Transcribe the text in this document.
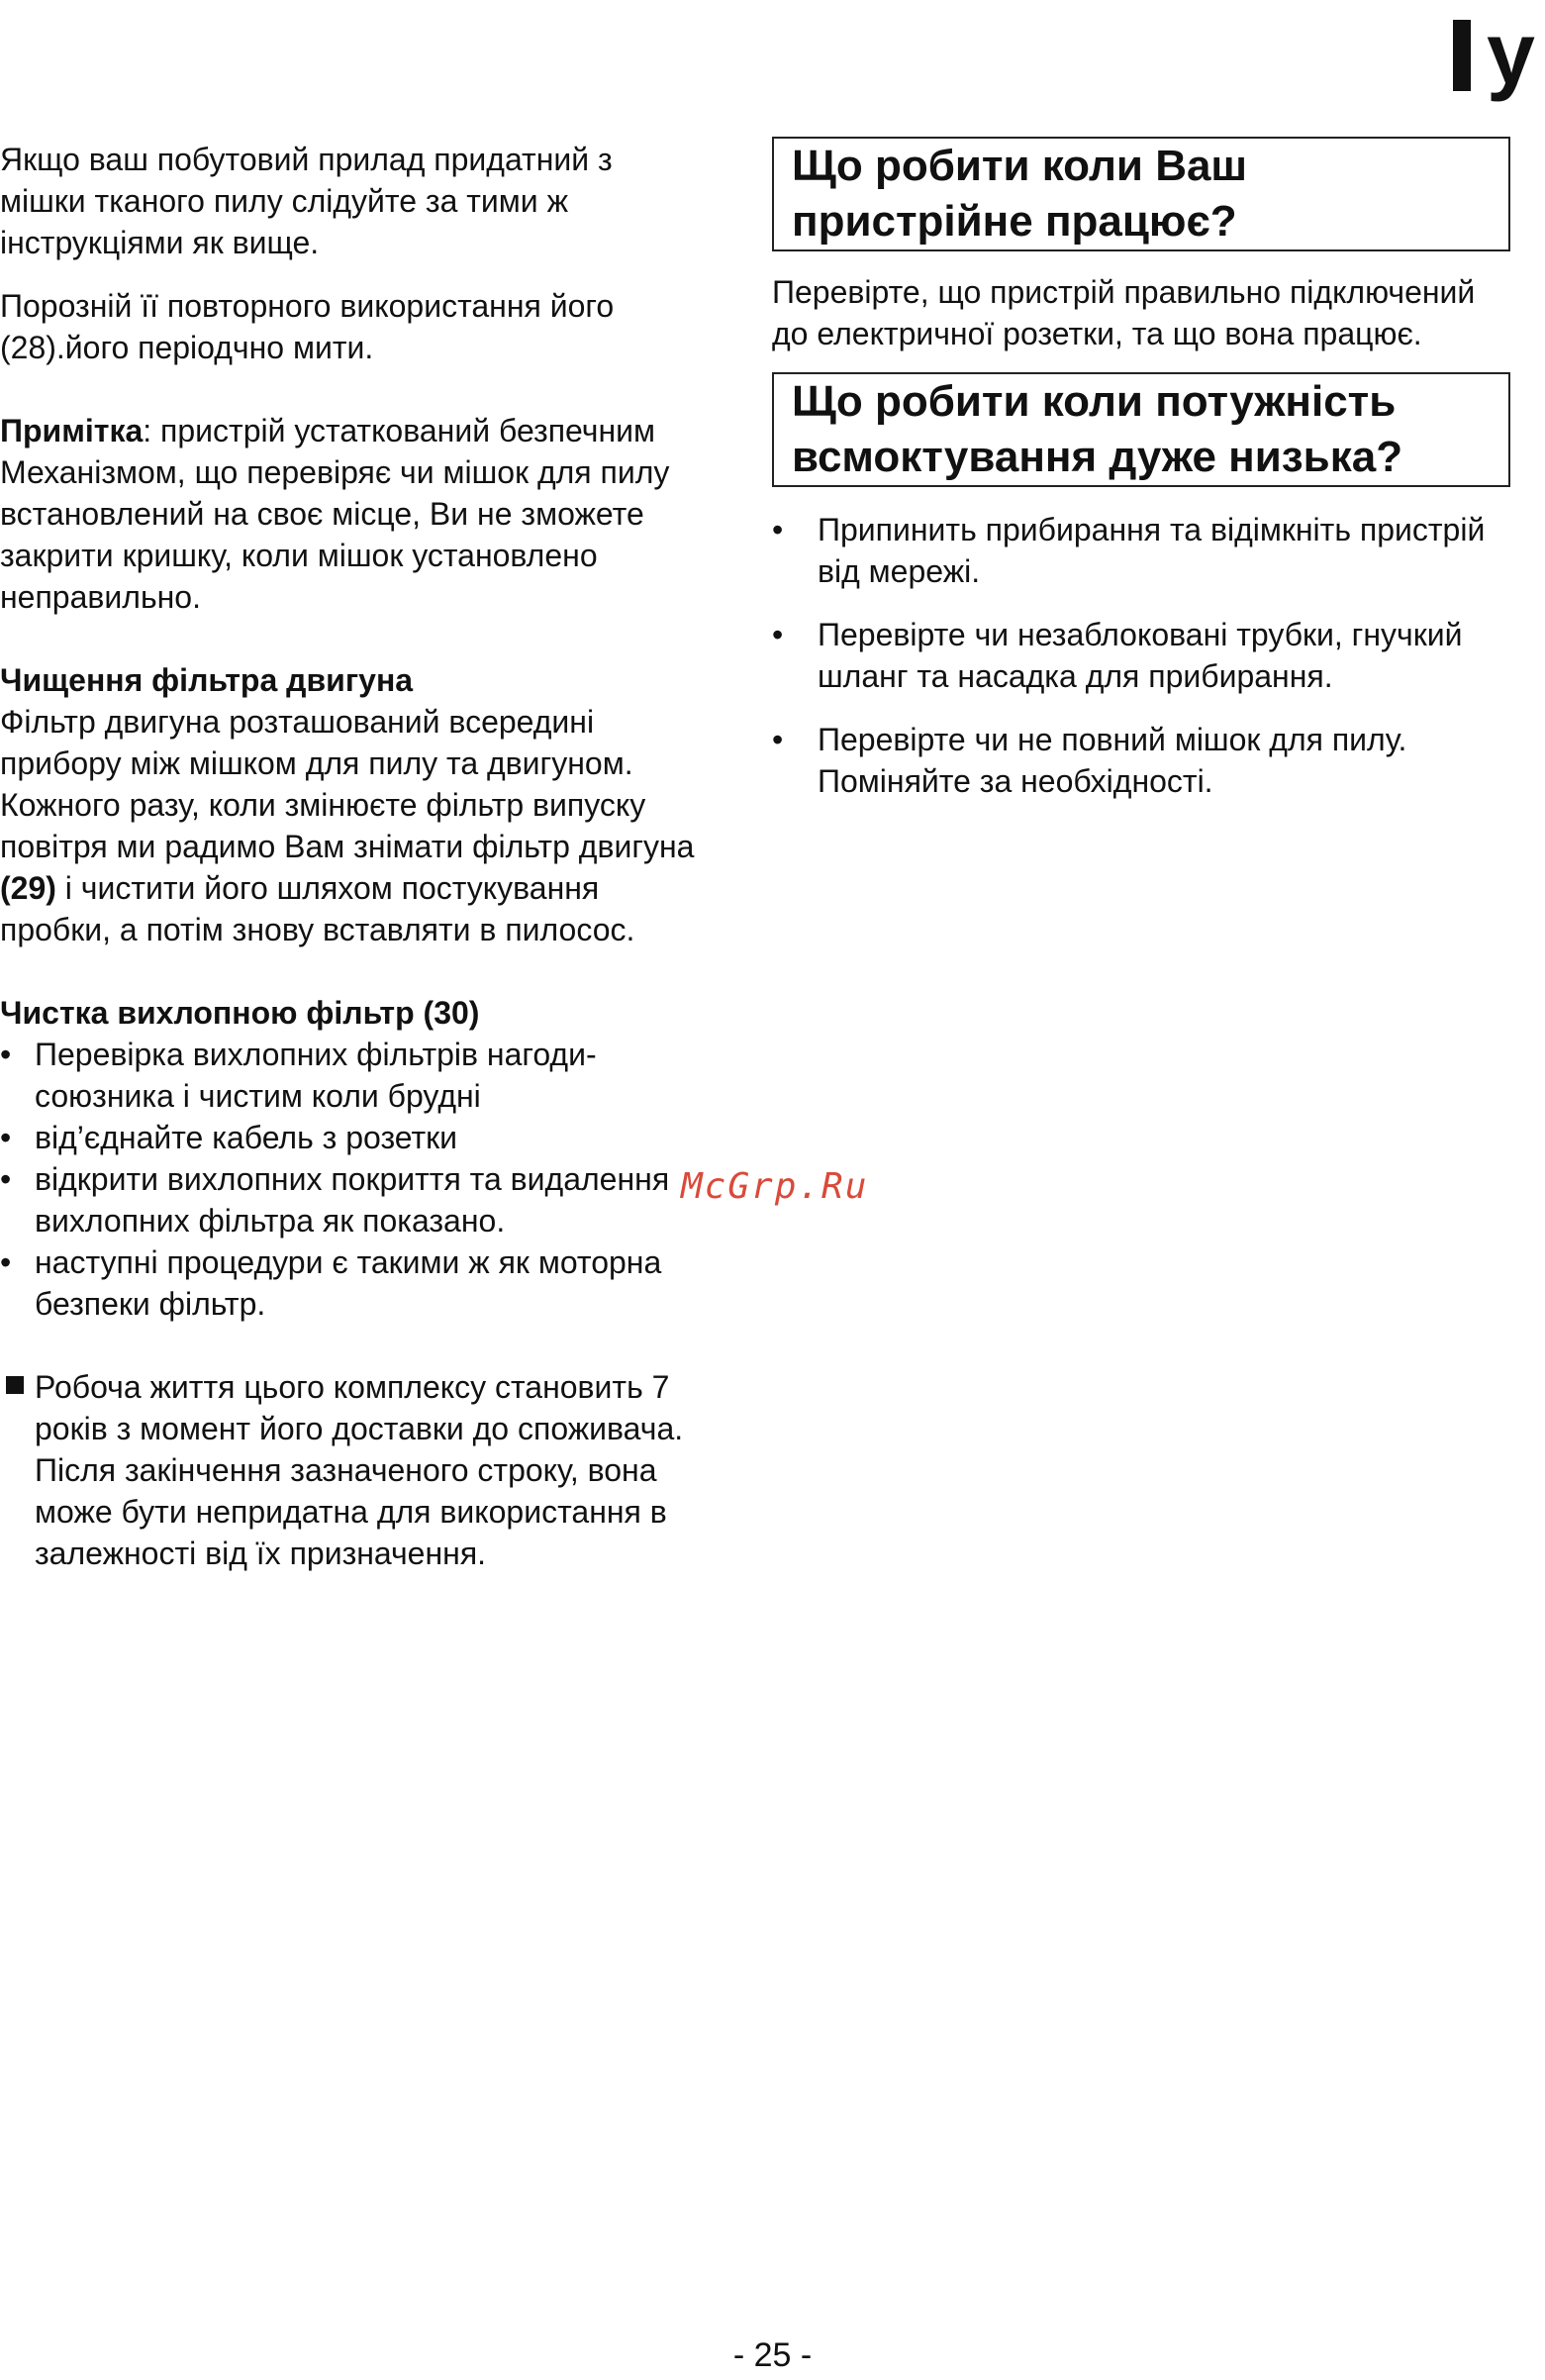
y

Якщо ваш побутовий прилад придатний з мішки тканого пилу слідуйте за тими ж інструкціями як вище.

Порозній її повторного використання його (28).його періодчно мити.

Примітка: пристрій устаткований безпечним Механізмом, що перевіряє чи мішок для пилу встановлений на своє місце, Ви не зможете закрити кришку, коли мішок установлено неправильно.

Чищення фільтра двигуна

Фільтр двигуна розташований всередині прибору між мішком для пилу та двигуном. Кожного разу, коли змінюєте фільтр випуску повітря ми радимо Вам знімати фільтр двигуна (29) і чистити його шляхом постукування пробки, а потім знову вставляти в пилосос.

Чистка вихлопною фільтр (30)

• Перевірка вихлопних фільтрів нагоди-союзника і чистим коли брудні
• від’єднайте кабель з розетки
• відкрити вихлопних покриття та видалення вихлопних фільтра як показано.
• наступні процедури є такими ж як моторна безпеки фільтр.
Робоча життя цього комплексу становить 7 років з момент його доставки до споживача.
Після закінчення зазначеного строку, вона може бути непридатна для використання в залежності від їх призначення.
Що робити коли Ваш пристрійне працює?

Перевірте, що пристрій правильно підключений до електричної розетки, та що вона працює.

Що робити коли потужність всмоктування дуже низька?
•	Припинить прибирання та відімкніть пристрій від мережі.
•	Перевірте чи незаблоковані трубки, гнучкий шланг та насадка для прибирання.
•	Перевірте чи не повний мішок для пилу. Поміняйте за необхідності.
McGrp.Ru
- 25 -
